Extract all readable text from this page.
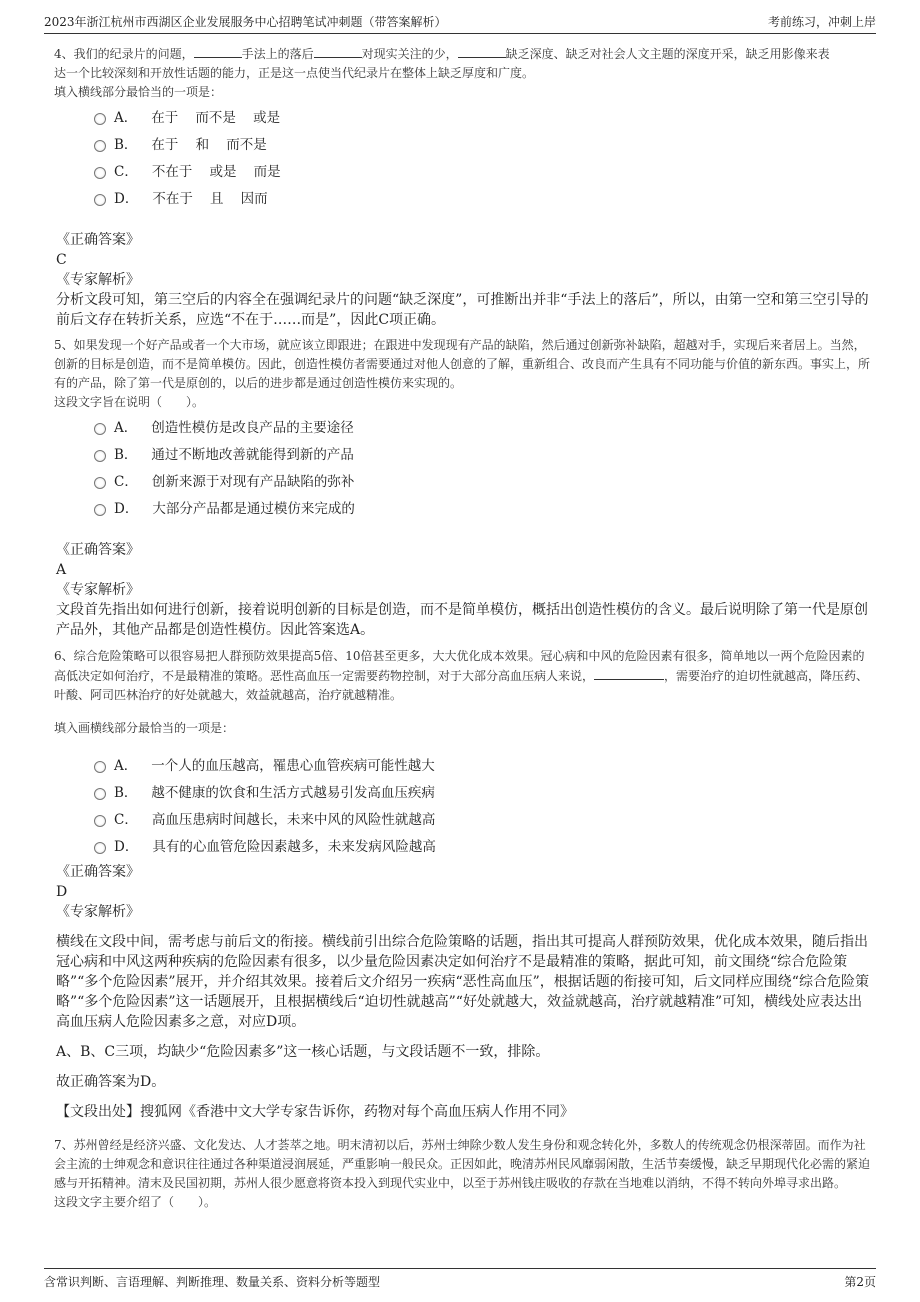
2023年浙江杭州市西湖区企业发展服务中心招聘笔试冲刺题（带答案解析）	考前练习，冲刺上岸
4、我们的纪录片的问题，	手法上的落后	对现实关注的少，	缺乏深度、缺乏对社会人文主题的深度开采，缺乏用影像来表
达一个比较深刻和开放性话题的能力，正是这一点使当代纪录片在整体上缺乏厚度和广度。
填入横线部分最恰当的一项是：
A． 在于    而不是    或是
B． 在于    和    而不是
C． 不在于    或是    而是
D． 不在于    且    因而

《正确答案》

C

《专家解析》

分析文段可知，第三空后的内容全在强调纪录片的问题“缺乏深度”，可推断出并非“手法上的落后”，所以，由第一空和第三空引导的前后文存在转折关系，应选“不在于……而是”，因此C项正确。

5、如果发现一个好产品或者一个大市场，就应该立即跟进；在跟进中发现现有产品的缺陷，然后通过创新弥补缺陷，超越对手，实现后来者居上。当然，创新的目标是创造，而不是简单模仿。因此，创造性模仿者需要通过对他人创意的了解，重新组合、改良而产生具有不同功能与价值的新东西。事实上，所有的产品，除了第一代是原创的，以后的进步都是通过创造性模仿来实现的。
这段文字旨在说明（　　）。
A． 创造性模仿是改良产品的主要途径
B． 通过不断地改善就能得到新的产品
C． 创新来源于对现有产品缺陷的弥补
D． 大部分产品都是通过模仿来完成的

《正确答案》

A

《专家解析》

文段首先指出如何进行创新，接着说明创新的目标是创造，而不是简单模仿，概括出创造性模仿的含义。最后说明除了第一代是原创产品外，其他产品都是创造性模仿。因此答案选A。

6、综合危险策略可以很容易把人群预防效果提高5倍、10倍甚至更多，大大优化成本效果。冠心病和中风的危险因素有很多，简单地以一两个危险因素的高低决定如何治疗，不是最精准的策略。恶性高血压一定需要药物控制，对于大部分高血压病人来说，	，需要治疗的迫切性就越高，降压药、叶酸、阿司匹林治疗的好处就越大，效益就越高，治疗就越精准。
填入画横线部分最恰当的一项是：
A． 一个人的血压越高，罹患心血管疾病可能性越大
B． 越不健康的饮食和生活方式越易引发高血压疾病
C． 高血压患病时间越长，未来中风的风险性就越高
D． 具有的心血管危险因素越多，未来发病风险越高

《正确答案》

D

《专家解析》

横线在文段中间，需考虑与前后文的衔接。横线前引出综合危险策略的话题，指出其可提高人群预防效果，优化成本效果，随后指出冠心病和中风这两种疾病的危险因素有很多，以少量危险因素决定如何治疗不是最精准的策略，据此可知，前文围绕“综合危险策略”“多个危险因素”展开，并介绍其效果。接着后文介绍另一疾病“恶性高血压”，根据话题的衔接可知，后文同样应围绕“综合危险策略”“多个危险因素”这一话题展开，且根据横线后“迫切性就越高”“好处就越大，效益就越高，治疗就越精准”可知，横线处应表达出高血压病人危险因素多之意，对应D项。

A、B、C三项，均缺少“危险因素多”这一核心话题，与文段话题不一致，排除。

故正确答案为D。

【文段出处】搜狐网《香港中文大学专家告诉你，药物对每个高血压病人作用不同》

7、苏州曾经是经济兴盛、文化发达、人才荟萃之地。明末清初以后，苏州士绅除少数人发生身份和观念转化外，多数人的传统观念仍根深蒂固。而作为社会主流的士绅观念和意识往往通过各种渠道浸润展延，严重影响一般民众。正因如此，晚清苏州民风靡弱闲散，生活节奏缓慢，缺乏早期现代化必需的紧迫感与开拓精神。清末及民国初期，苏州人很少愿意将资本投入到现代实业中，以至于苏州钱庄吸收的存款在当地难以消纳，不得不转向外埠寻求出路。
这段文字主要介绍了（　　）。
含常识判断、言语理解、判断推理、数量关系、资料分析等题型	第2页
